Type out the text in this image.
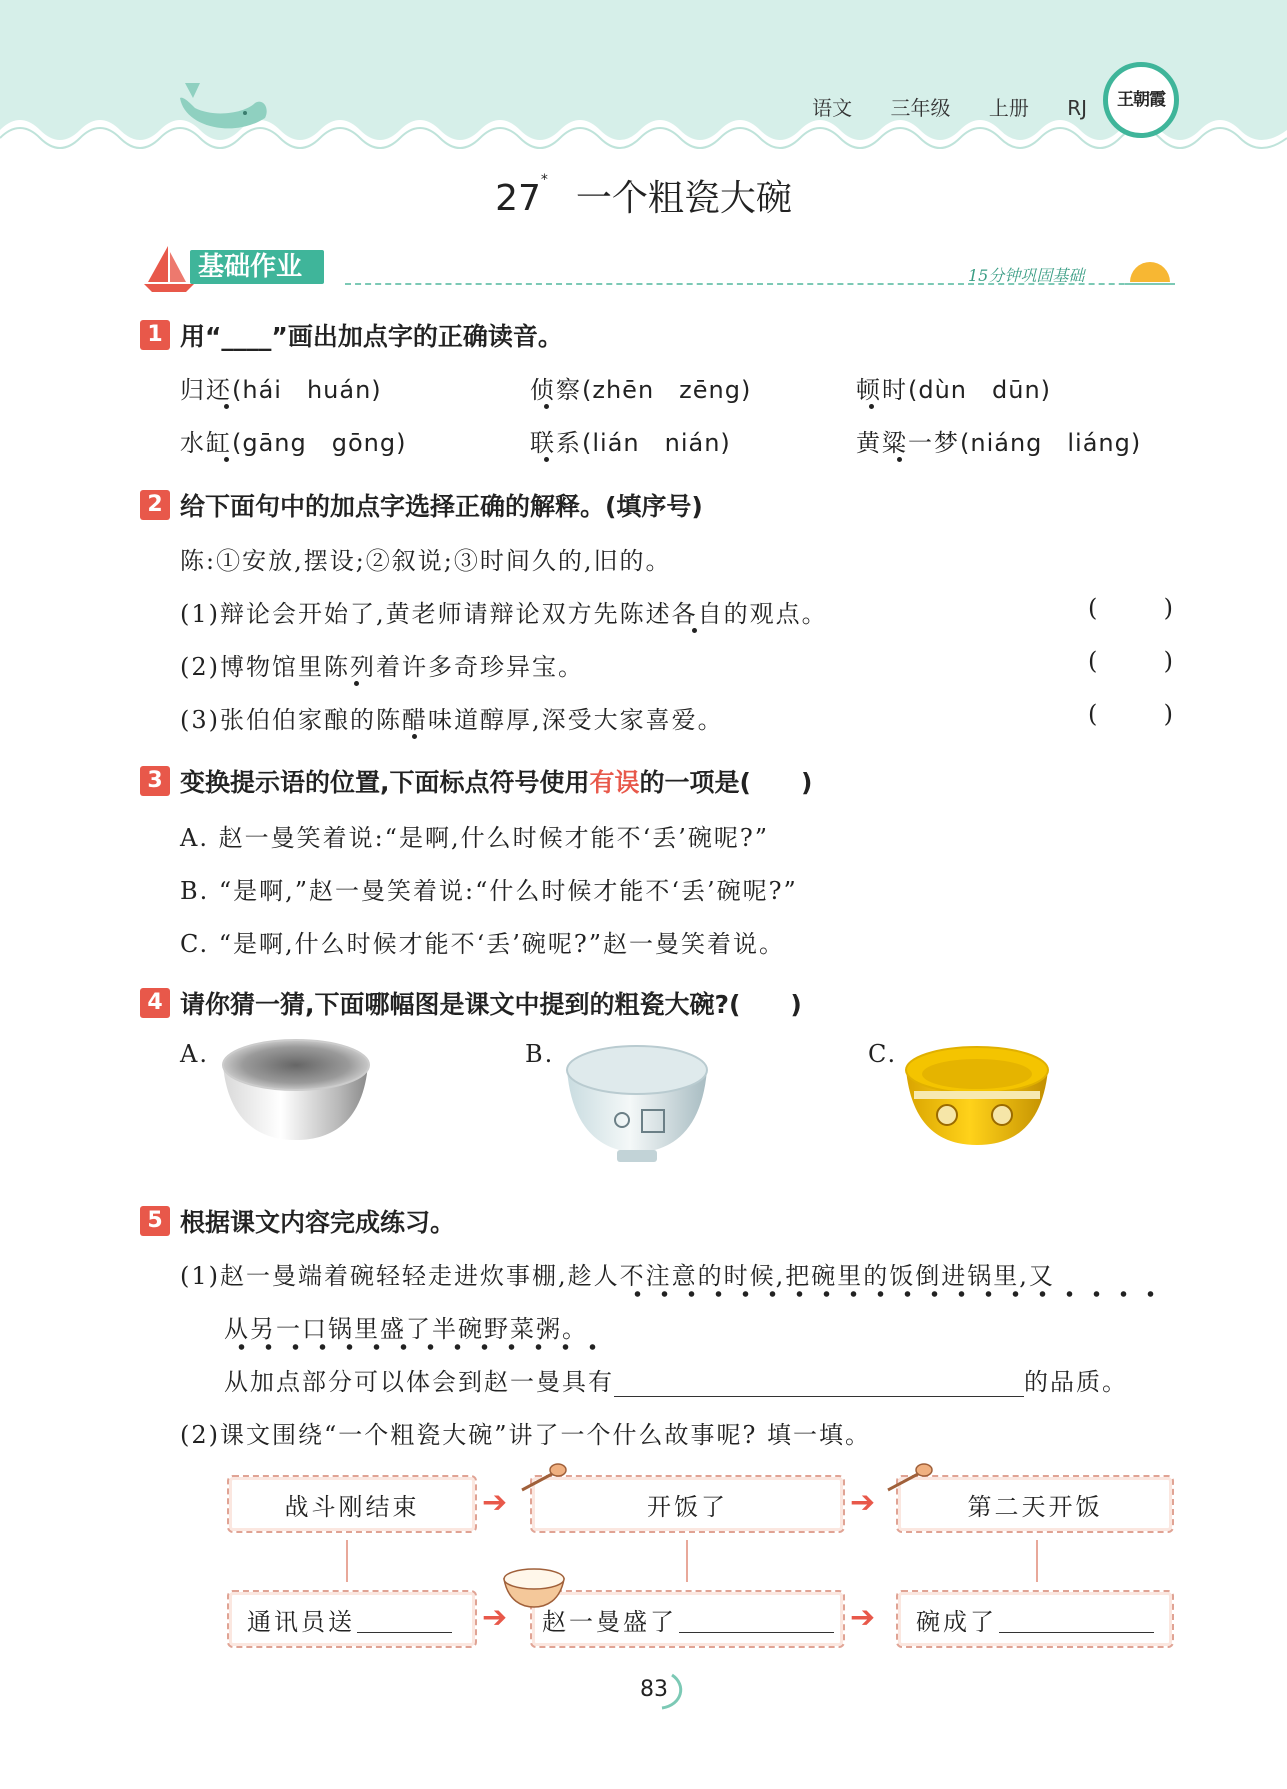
语文 三年级 上册 RJ	王朝霞
27* 一个粗瓷大碗
基础作业	15分钟巩固基础
1 用“____”画出加点字的正确读音。
归还(hái　huán)	侦察(zhēn　zēng)	顿时(dùn　dūn)
水缸(gāng　gōng)	联系(lián　nián)	黄粱一梦(niáng　liáng)
2 给下面句中的加点字选择正确的解释。(填序号)
陈:①安放,摆设;②叙说;③时间久的,旧的。
(1)辩论会开始了,黄老师请辩论双方先陈述各自的观点。	(	)
(2)博物馆里陈列着许多奇珍异宝。	(	)
(3)张伯伯家酿的陈醋味道醇厚,深受大家喜爱。	(	)
3 变换提示语的位置,下面标点符号使用有误的一项是(　　)
A. 赵一曼笑着说:“是啊,什么时候才能不‘丢’碗呢?”
B. “是啊,”赵一曼笑着说:“什么时候才能不‘丢’碗呢?”
C. “是啊,什么时候才能不‘丢’碗呢?”赵一曼笑着说。
4 请你猜一猜,下面哪幅图是课文中提到的粗瓷大碗?(　　)
A.	B.	C.
5 根据课文内容完成练习。
(1)赵一曼端着碗轻轻走进炊事棚,趁人不注意的时候,把碗里的饭倒进锅里,又
从另一口锅里盛了半碗野菜粥。
从加点部分可以体会到赵一曼具有	的品质。
(2)课文围绕“一个粗瓷大碗”讲了一个什么故事呢? 填一填。
战斗刚结束 ➔	开饭了	➔	第二天开饭
通讯员送	➔ 赵一曼盛了	➔ 碗成了
83
